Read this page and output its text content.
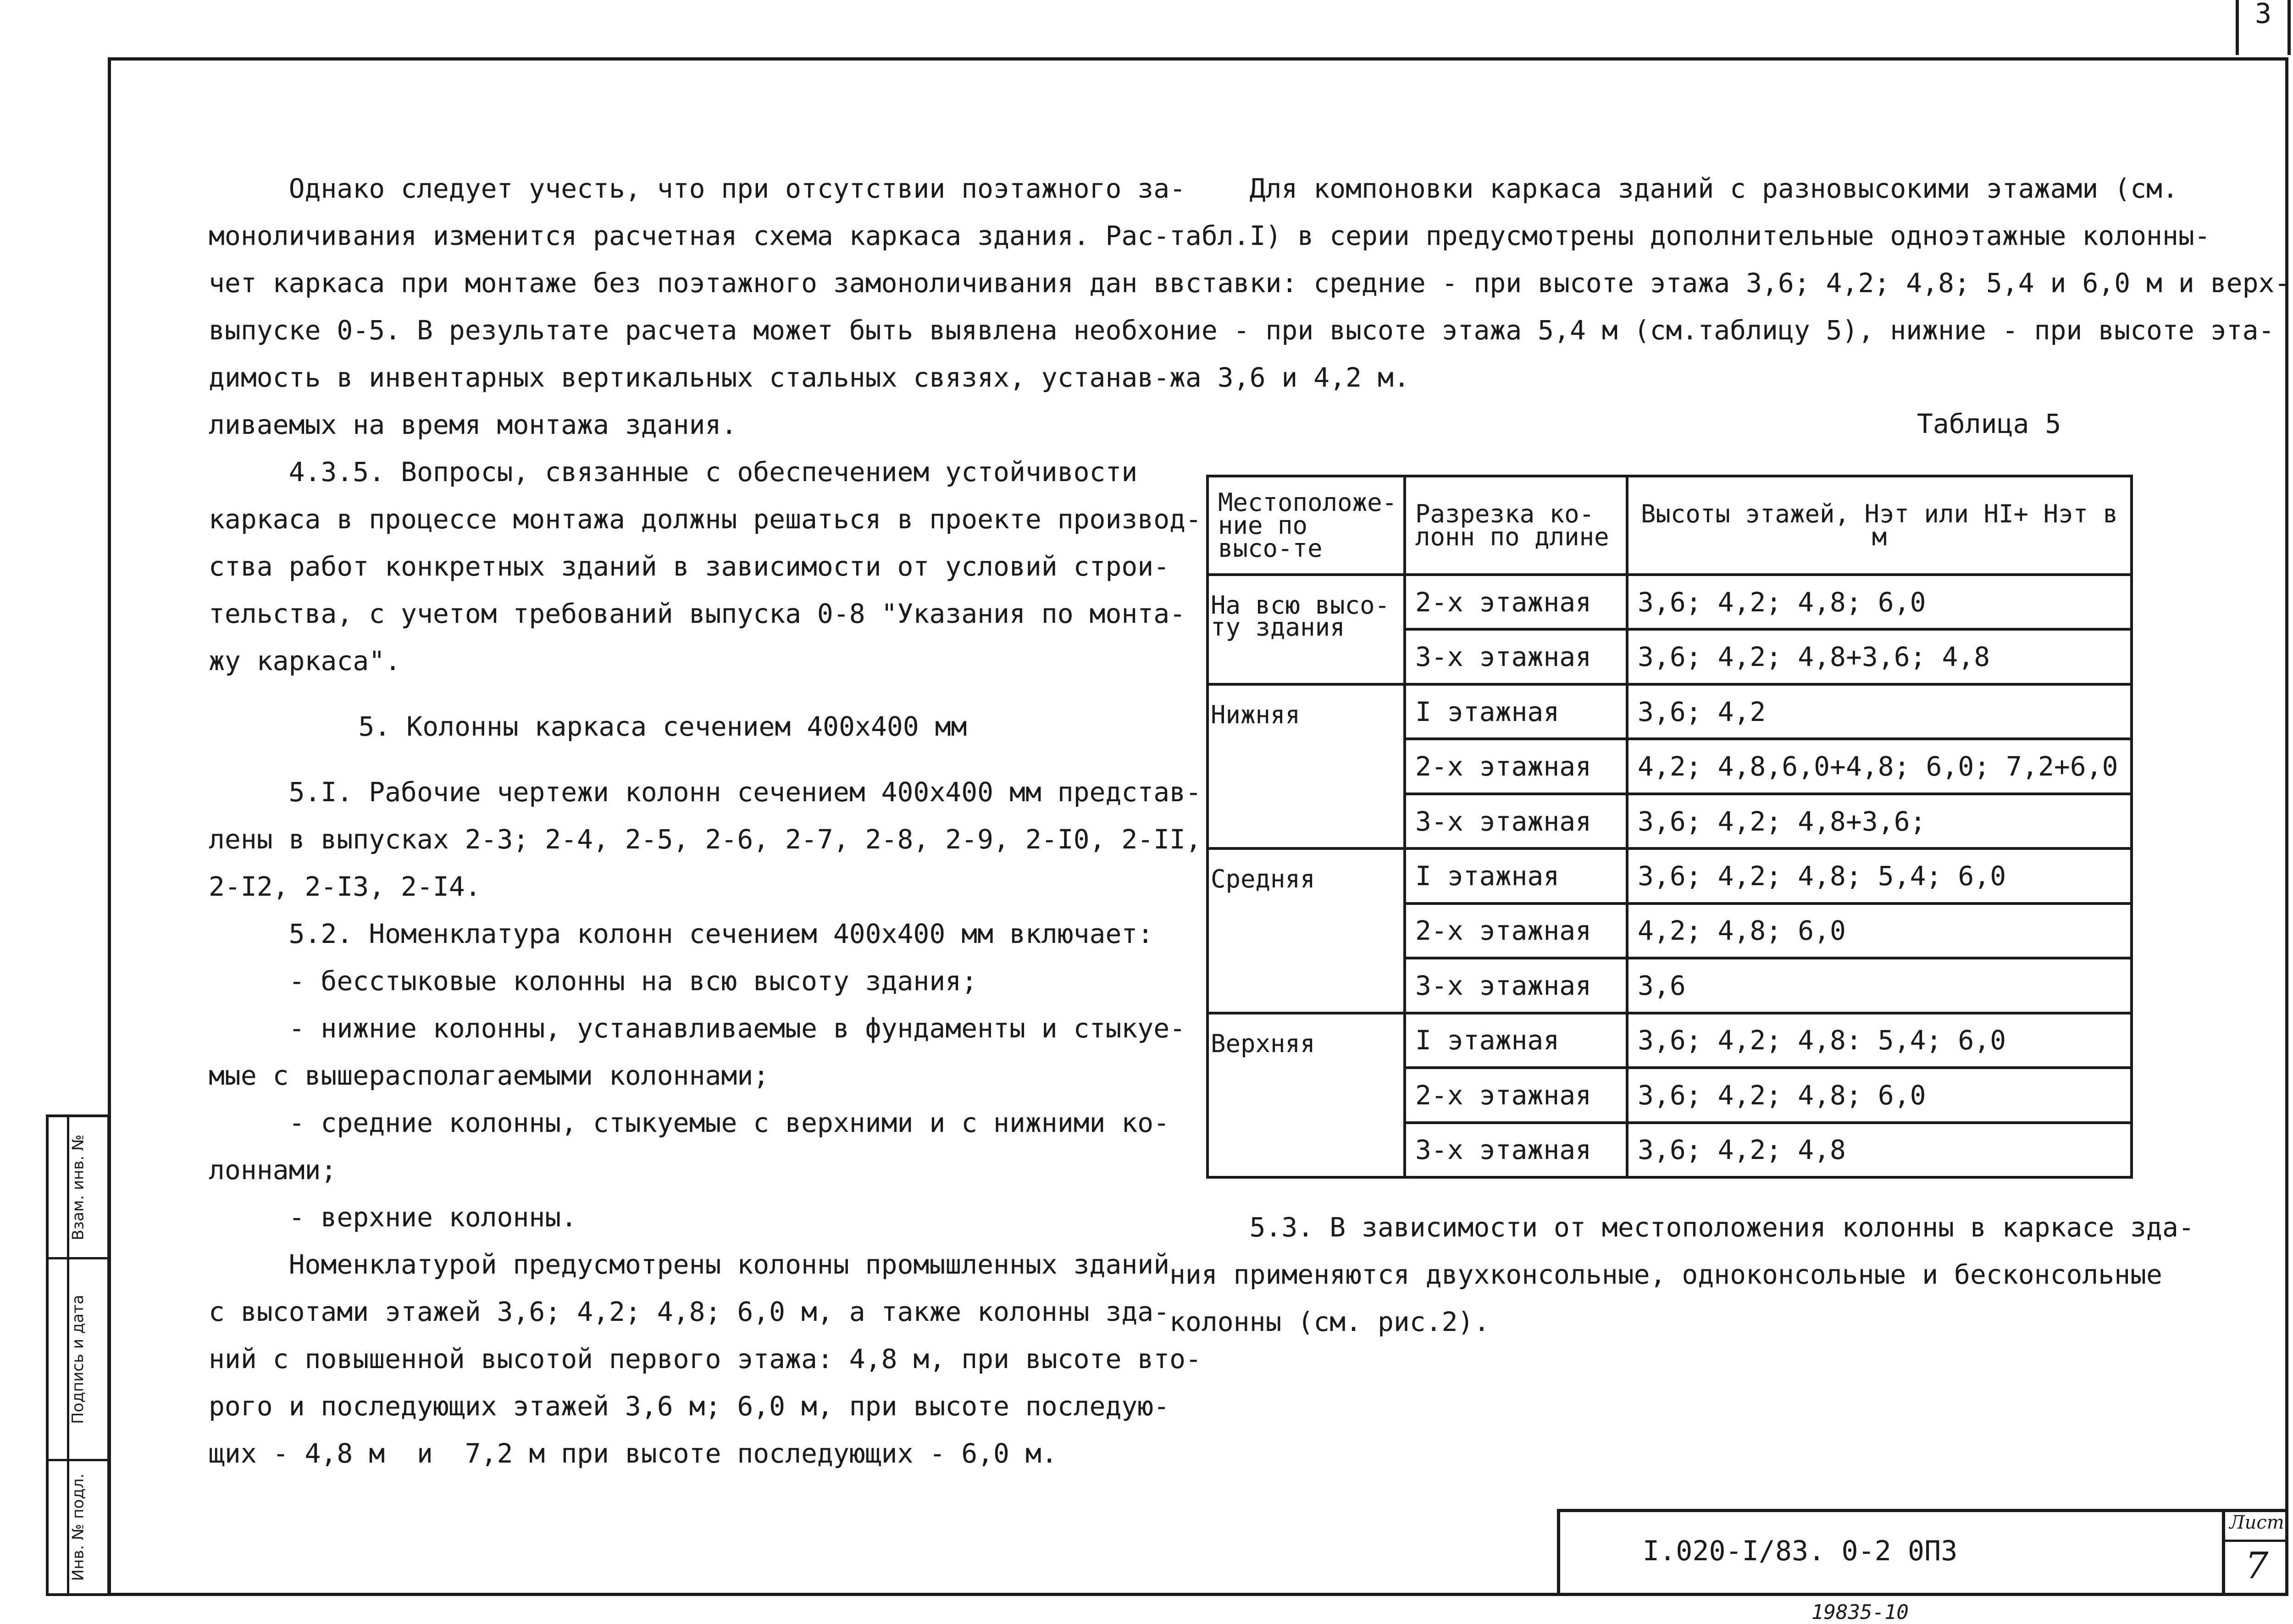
3
Взам. инв. №
Подпись и дата
Инв. № подл.

Однако следует учесть, что при отсутствии поэтажного за-

моноличивания изменится расчетная схема каркаса здания. Рас-

чет каркаса при монтаже без поэтажного замоноличивания дан в

выпуске 0-5. В результате расчета может быть выявлена необхо-

димость в инвентарных вертикальных стальных связях, устанав-

ливаемых на время монтажа здания.

4.3.5. Вопросы, связанные с обеспечением устойчивости

каркаса в процессе монтажа должны решаться в проекте производ-

ства работ конкретных зданий в зависимости от условий строи-

тельства, с учетом требований выпуска 0-8 "Указания по монта-

жу каркаса".

5. Колонны каркаса сечением 400х400 мм

5.I. Рабочие чертежи колонн сечением 400х400 мм представ-

лены в выпусках 2-3; 2-4, 2-5, 2-6, 2-7, 2-8, 2-9, 2-I0, 2-II,

2-I2, 2-I3, 2-I4.

5.2. Номенклатура колонн сечением 400х400 мм включает:

- бесстыковые колонны на всю высоту здания;

- нижние колонны, устанавливаемые в фундаменты и стыкуе-

мые с вышерасполагаемыми колоннами;

- средние колонны, стыкуемые с верхними и с нижними ко-

лоннами;

- верхние колонны.

Номенклатурой предусмотрены колонны промышленных зданий

с высотами этажей 3,6; 4,2; 4,8; 6,0 м, а также колонны зда-

ний с повышенной высотой первого этажа: 4,8 м, при высоте вто-

рого и последующих этажей 3,6 м; 6,0 м, при высоте последую-

щих - 4,8 м  и  7,2 м при высоте последующих - 6,0 м.

Для компоновки каркаса зданий с разновысокими этажами (см.

табл.I) в серии предусмотрены дополнительные одноэтажные колонны-

вставки: средние - при высоте этажа 3,6; 4,2; 4,8; 5,4 и 6,0 м и верх-

ние - при высоте этажа 5,4 м (см.таблицу 5), нижние - при высоте эта-

жа 3,6 и 4,2 м.

Таблица 5
Местоположе-ние по высо-те	Разрезка ко-лонн по длине	Высоты этажей, Hэт или HI+ Hэт в м
На всю высо-ту здания	2-х этажная	3,6; 4,2; 4,8; 6,0
	3-х этажная	3,6; 4,2; 4,8+3,6; 4,8
Нижняя	I этажная	3,6; 4,2
	2-х этажная	4,2; 4,8,6,0+4,8; 6,0; 7,2+6,0
	3-х этажная	3,6; 4,2; 4,8+3,6;
Средняя	I этажная	3,6; 4,2; 4,8; 5,4; 6,0
	2-х этажная	4,2; 4,8; 6,0
	3-х этажная	3,6
Верхняя	I этажная	3,6; 4,2; 4,8: 5,4; 6,0
	2-х этажная	3,6; 4,2; 4,8; 6,0
	3-х этажная	3,6; 4,2; 4,8

5.3. В зависимости от местоположения колонны в каркасе зда-

ния применяются двухконсольные, одноконсольные и бесконсольные

колонны (см. рис.2).

I.020-I/83. 0-2 0ПЗ
Лист
7
19835-10
